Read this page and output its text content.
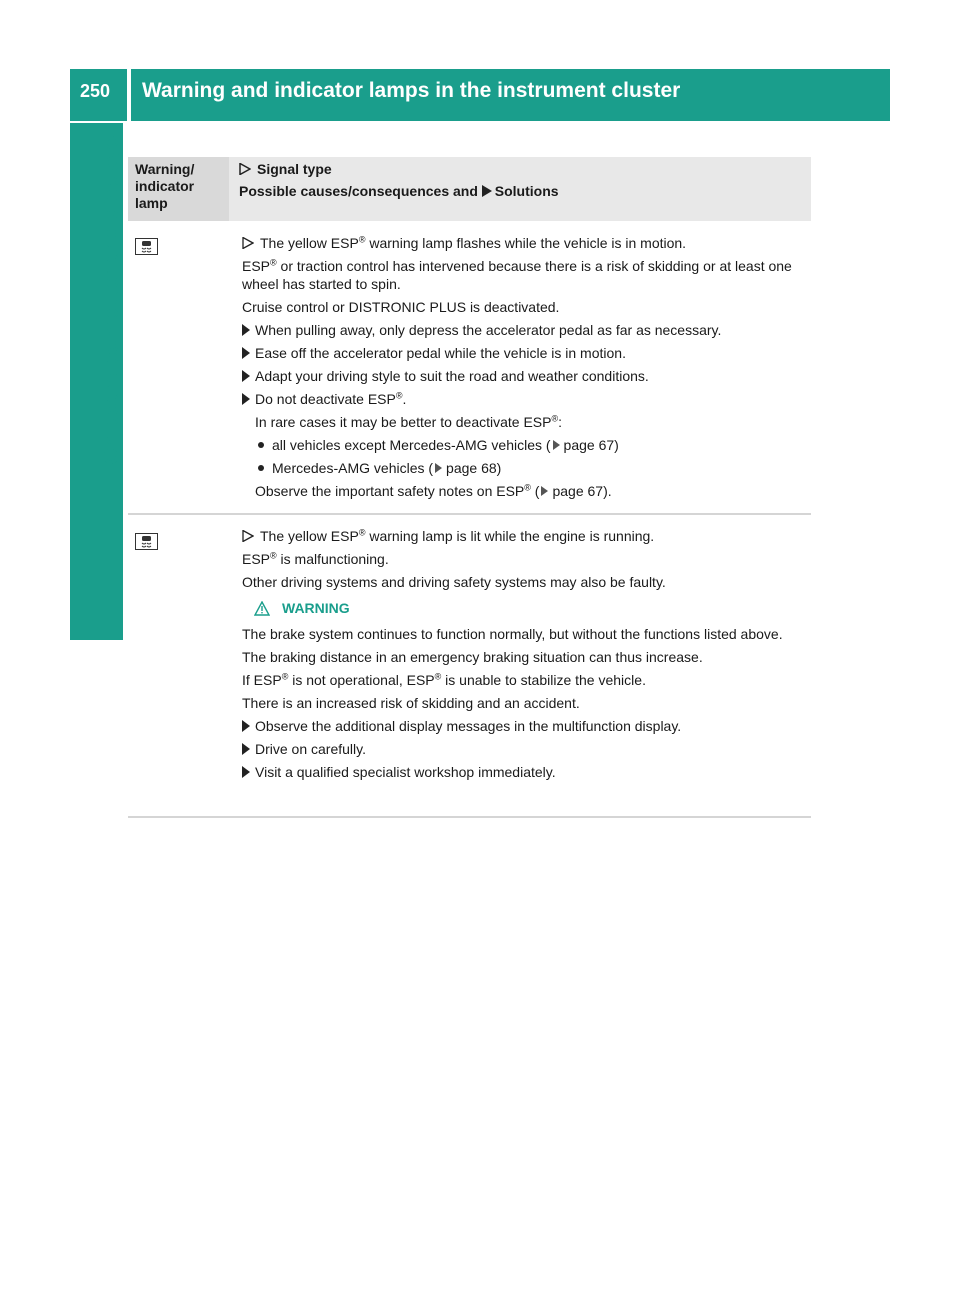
250	Warning and indicator lamps in the instrument cluster
On-board computer and displays Warning/ indicator lamp
Signal type
Possible causes/consequences and Solutions
The yellow ESP® warning lamp flashes while the vehicle is in motion.
ESP® or traction control has intervened because there is a risk of skidding or at least one wheel has started to spin.
Cruise control or DISTRONIC PLUS is deactivated.
When pulling away, only depress the accelerator pedal as far as necessary.
Ease off the accelerator pedal while the vehicle is in motion.
Adapt your driving style to suit the road and weather conditions.
Do not deactivate ESP®.
In rare cases it may be better to deactivate ESP®:
all vehicles except Mercedes-AMG vehicles ( page 67)
Mercedes-AMG vehicles ( page 68)
Observe the important safety notes on ESP® ( page 67).
The yellow ESP® warning lamp is lit while the engine is running.
ESP® is malfunctioning.
Other driving systems and driving safety systems may also be faulty.
WARNING
The brake system continues to function normally, but without the functions listed above.
The braking distance in an emergency braking situation can thus increase.
If ESP® is not operational, ESP® is unable to stabilize the vehicle.
There is an increased risk of skidding and an accident.
Observe the additional display messages in the multifunction display.
Drive on carefully.
Visit a qualified specialist workshop immediately.
